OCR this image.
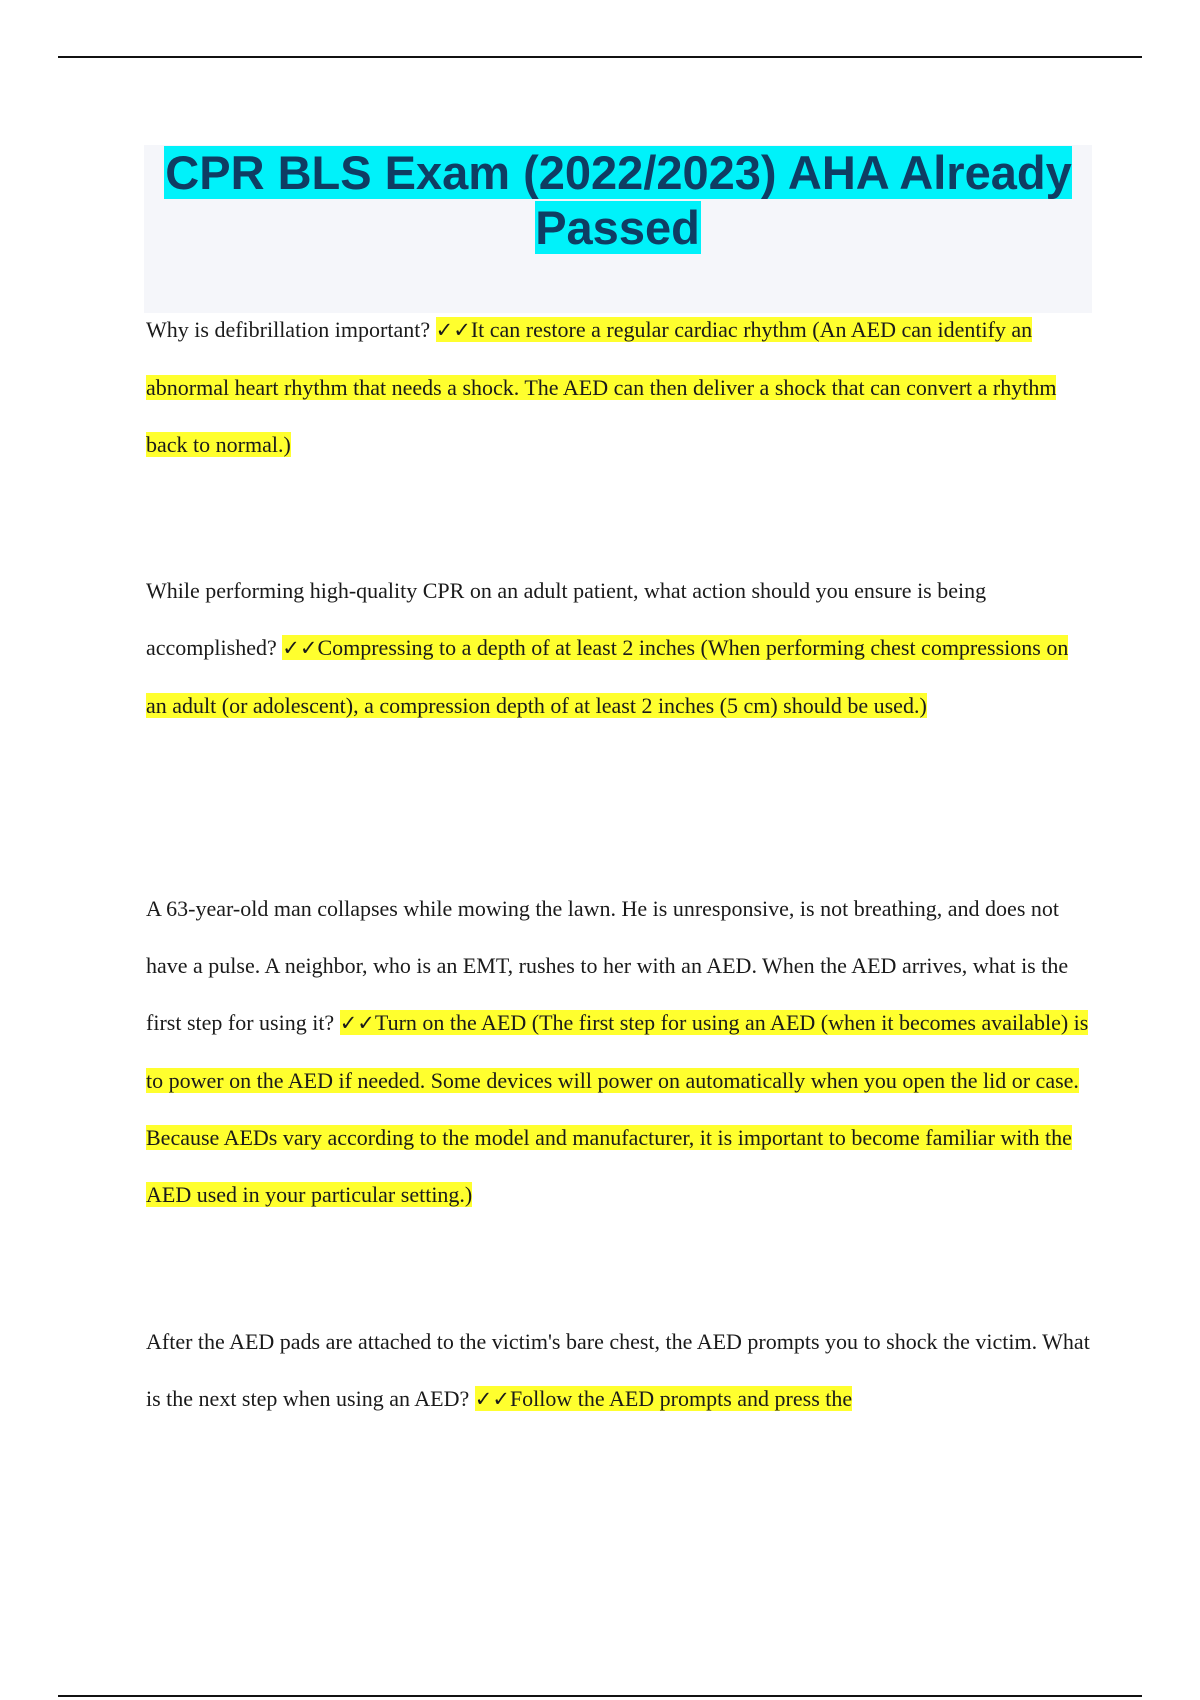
CPR BLS Exam (2022/2023) AHA Already Passed

Why is defibrillation important? ✓✓It can restore a regular cardiac rhythm (An AED can identify an abnormal heart rhythm that needs a shock. The AED can then deliver a shock that can convert a rhythm back to normal.)

While performing high-quality CPR on an adult patient, what action should you ensure is being accomplished? ✓✓Compressing to a depth of at least 2 inches (When performing chest compressions on an adult (or adolescent), a compression depth of at least 2 inches (5 cm) should be used.)

A 63-year-old man collapses while mowing the lawn. He is unresponsive, is not breathing, and does not have a pulse. A neighbor, who is an EMT, rushes to her with an AED. When the AED arrives, what is the first step for using it? ✓✓Turn on the AED (The first step for using an AED (when it becomes available) is to power on the AED if needed. Some devices will power on automatically when you open the lid or case. Because AEDs vary according to the model and manufacturer, it is important to become familiar with the AED used in your particular setting.)

After the AED pads are attached to the victim's bare chest, the AED prompts you to shock the victim. What is the next step when using an AED? ✓✓Follow the AED prompts and press the
